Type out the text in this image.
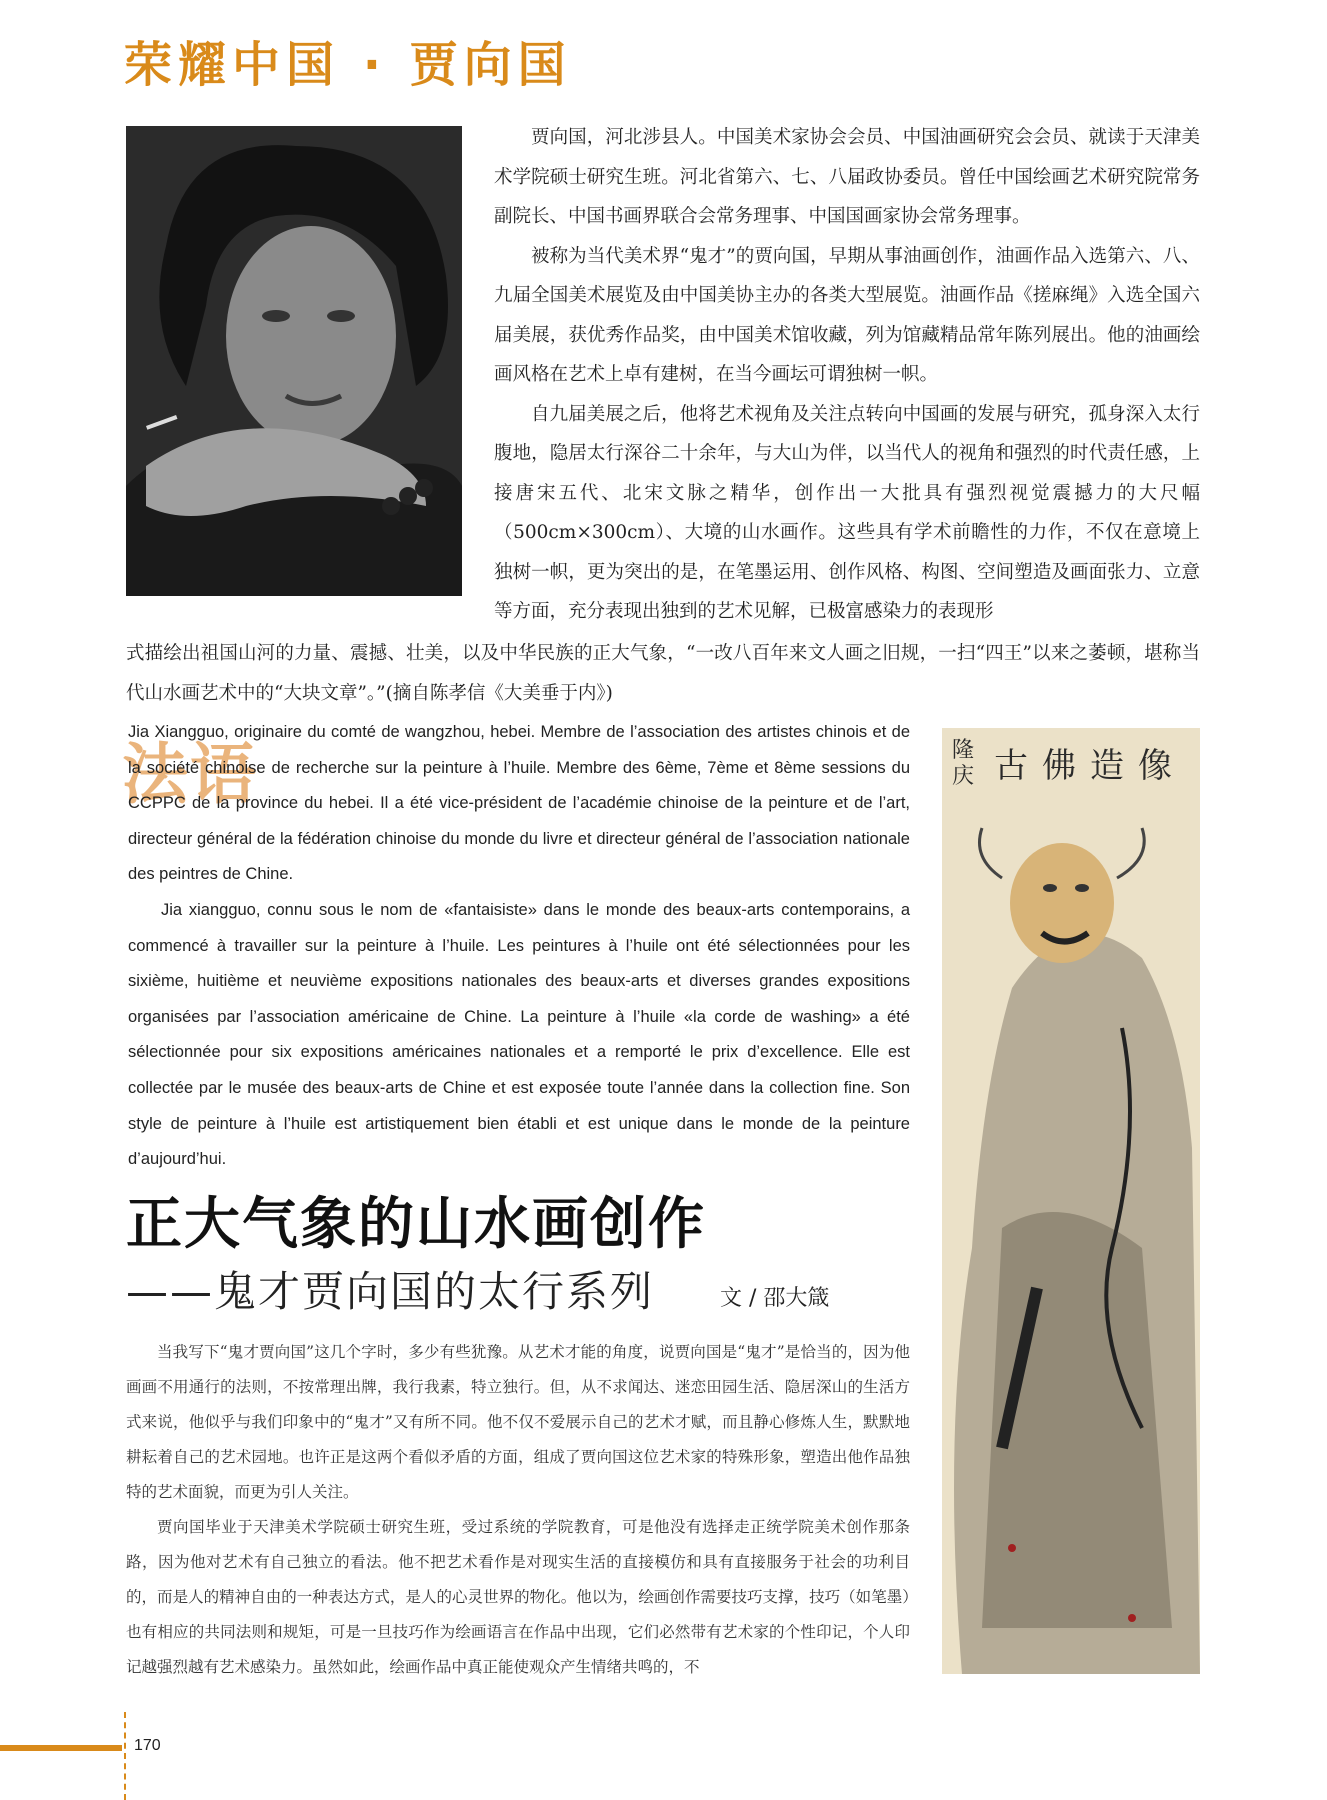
荣耀中国 · 贾向国

贾向国，河北涉县人。中国美术家协会会员、中国油画研究会会员、就读于天津美术学院硕士研究生班。河北省第六、七、八届政协委员。曾任中国绘画艺术研究院常务副院长、中国书画界联合会常务理事、中国国画家协会常务理事。

被称为当代美术界“鬼才”的贾向国，早期从事油画创作，油画作品入选第六、八、九届全国美术展览及由中国美协主办的各类大型展览。油画作品《搓麻绳》入选全国六届美展，获优秀作品奖，由中国美术馆收藏，列为馆藏精品常年陈列展出。他的油画绘画风格在艺术上卓有建树，在当今画坛可谓独树一帜。

自九届美展之后，他将艺术视角及关注点转向中国画的发展与研究，孤身深入太行腹地，隐居太行深谷二十余年，与大山为伴，以当代人的视角和强烈的时代责任感，上接唐宋五代、北宋文脉之精华，创作出一大批具有强烈视觉震撼力的大尺幅（500cm×300cm）、大境的山水画作。这些具有学术前瞻性的力作，不仅在意境上独树一帜，更为突出的是，在笔墨运用、创作风格、构图、空间塑造及画面张力、立意等方面，充分表现出独到的艺术见解，已极富感染力的表现形

式描绘出祖国山河的力量、震撼、壮美，以及中华民族的正大气象，“一改八百年来文人画之旧规，一扫“四王”以来之萎顿，堪称当代山水画艺术中的“大块文章”。”(摘自陈孝信《大美垂于内》)

法语

Jia Xiangguo, originaire du comté de wangzhou, hebei. Membre de l’association des artistes chinois et de la société chinoise de recherche sur la peinture à l’huile. Membre des 6ème, 7ème et 8ème sessions du CCPPC de la province du hebei. Il a été vice-président de l’académie chinoise de la peinture et de l’art, directeur général de la fédération chinoise du monde du livre et directeur général de l’association nationale des peintres de Chine.

Jia xiangguo, connu sous le nom de «fantaisiste» dans le monde des beaux-arts contemporains, a commencé à travailler sur la peinture à l’huile. Les peintures à l’huile ont été sélectionnées pour les sixième, huitième et neuvième expositions nationales des beaux-arts et diverses grandes expositions organisées par l’association américaine de Chine. La peinture à l’huile «la corde de washing» a été sélectionnée pour six expositions américaines nationales et a remporté le prix d’excellence. Elle est collectée par le musée des beaux-arts de Chine et est exposée toute l’année dans la collection fine. Son style de peinture à l’huile est artistiquement bien établi et est unique dans le monde de la peinture d’aujourd’hui.

古佛造像
隆庆
正大气象的山水画创作
——鬼才贾向国的太行系列	文 / 邵大箴

当我写下“鬼才贾向国”这几个字时，多少有些犹豫。从艺术才能的角度，说贾向国是“鬼才”是恰当的，因为他画画不用通行的法则，不按常理出牌，我行我素，特立独行。但，从不求闻达、迷恋田园生活、隐居深山的生活方式来说，他似乎与我们印象中的“鬼才”又有所不同。他不仅不爱展示自己的艺术才赋，而且静心修炼人生，默默地耕耘着自己的艺术园地。也许正是这两个看似矛盾的方面，组成了贾向国这位艺术家的特殊形象，塑造出他作品独特的艺术面貌，而更为引人关注。

贾向国毕业于天津美术学院硕士研究生班，受过系统的学院教育，可是他没有选择走正统学院美术创作那条路，因为他对艺术有自己独立的看法。他不把艺术看作是对现实生活的直接模仿和具有直接服务于社会的功利目的，而是人的精神自由的一种表达方式，是人的心灵世界的物化。他以为，绘画创作需要技巧支撑，技巧（如笔墨）也有相应的共同法则和规矩，可是一旦技巧作为绘画语言在作品中出现，它们必然带有艺术家的个性印记，个人印记越强烈越有艺术感染力。虽然如此，绘画作品中真正能使观众产生情绪共鸣的，不

170
